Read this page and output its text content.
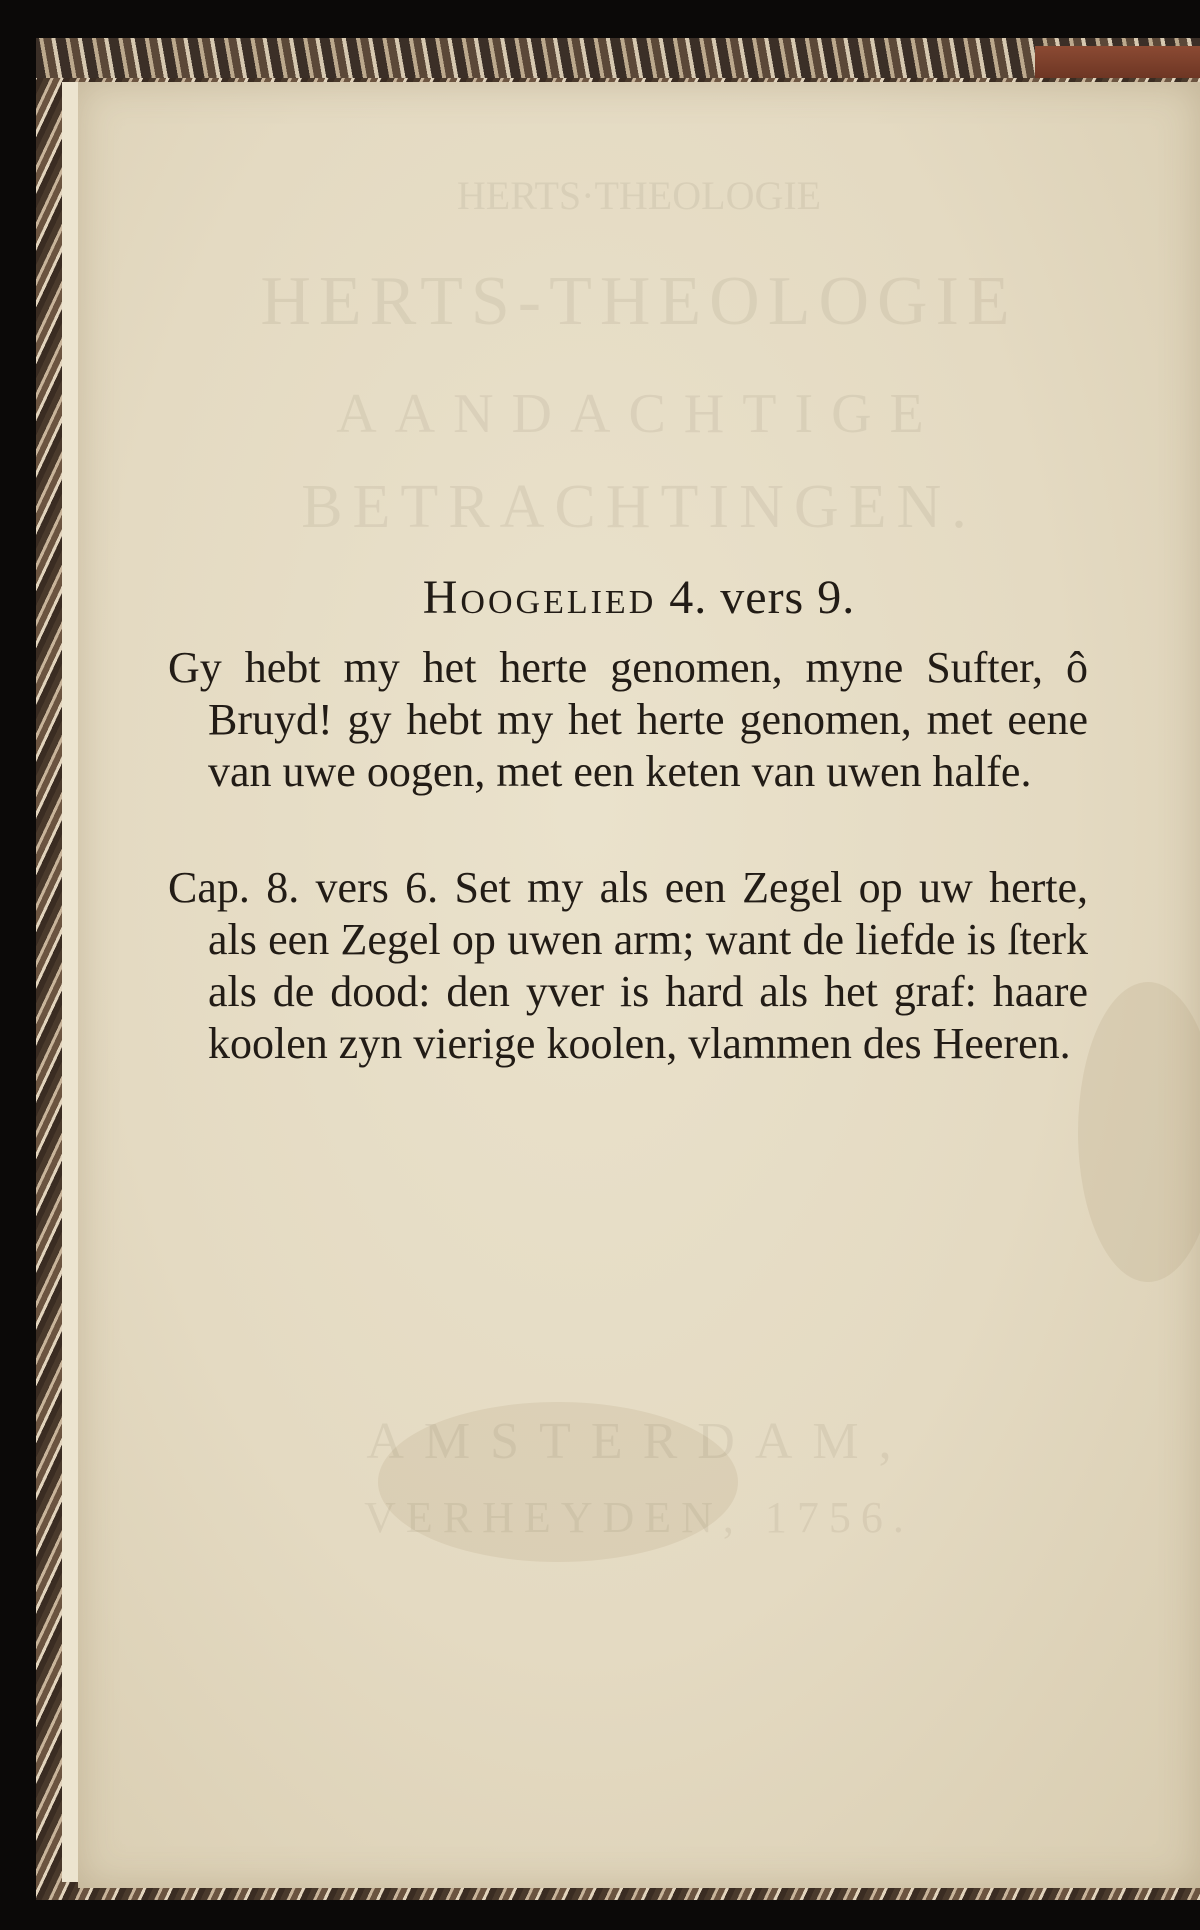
HERTS·THEOLOGIE
HERTS-THEOLOGIE
AANDACHTIGE
BETRACHTINGEN.
AMSTERDAM,
VERHEYDEN, 1756.
Hoogelied 4. vers 9.
Gy hebt my het herte genomen, myne Sufter, ô Bruyd! gy hebt my het herte genomen, met eene van uwe oogen, met een keten van uwen halfe.
Cap. 8. vers 6. Set my als een Zegel op uw herte, als een Zegel op uwen arm; want de liefde is ſterk als de dood: den yver is hard als het graf: haare koolen zyn vierige koolen, vlammen des Heeren.
